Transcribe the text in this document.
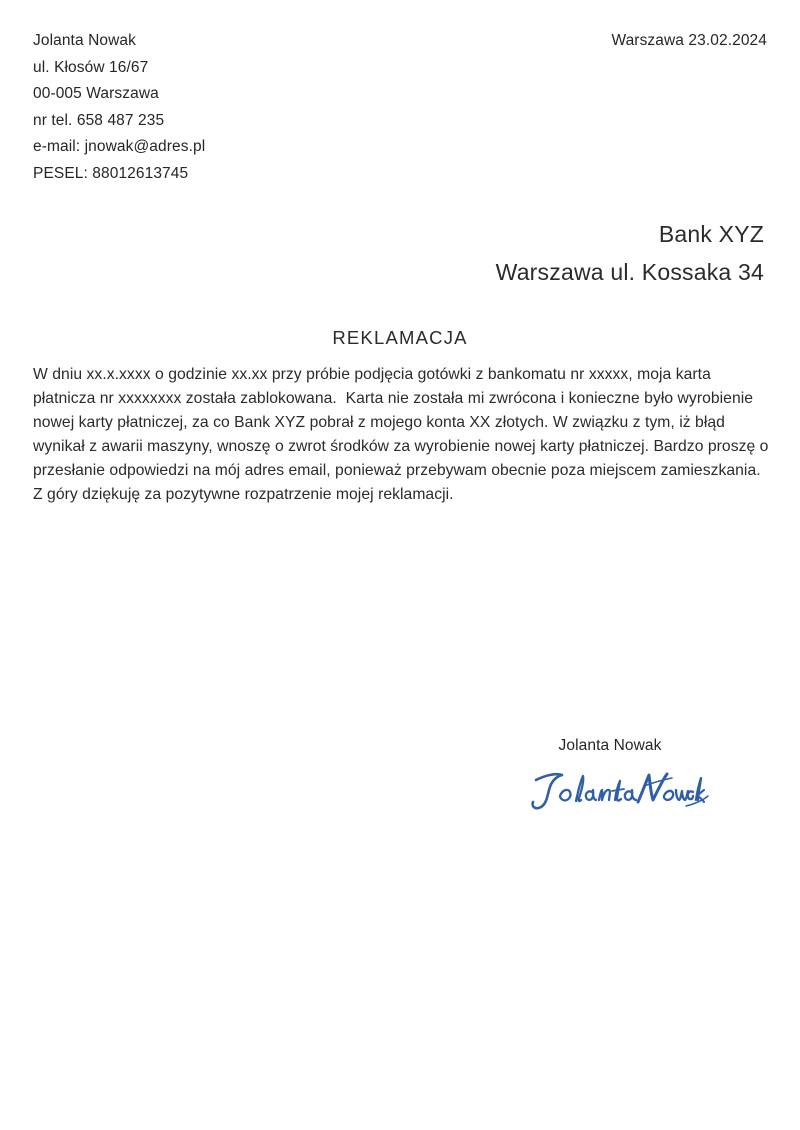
Jolanta Nowak
ul. Kłosów 16/67
00-005 Warszawa
nr tel. 658 487 235
e-mail: jnowak@adres.pl
PESEL: 88012613745
Warszawa 23.02.2024
Bank XYZ
Warszawa ul. Kossaka 34
REKLAMACJA
W dniu xx.x.xxxx o godzinie xx.xx przy próbie podjęcia gotówki z bankomatu nr xxxxx, moja karta płatnicza nr xxxxxxxx została zablokowana.  Karta nie została mi zwrócona i konieczne było wyrobienie nowej karty płatniczej, za co Bank XYZ pobrał z mojego konta XX złotych. W związku z tym, iż błąd wynikał z awarii maszyny, wnoszę o zwrot środków za wyrobienie nowej karty płatniczej. Bardzo proszę o przesłanie odpowiedzi na mój adres email, ponieważ przebywam obecnie poza miejscem zamieszkania. Z góry dziękuję za pozytywne rozpatrzenie mojej reklamacji.
Jolanta Nowak
